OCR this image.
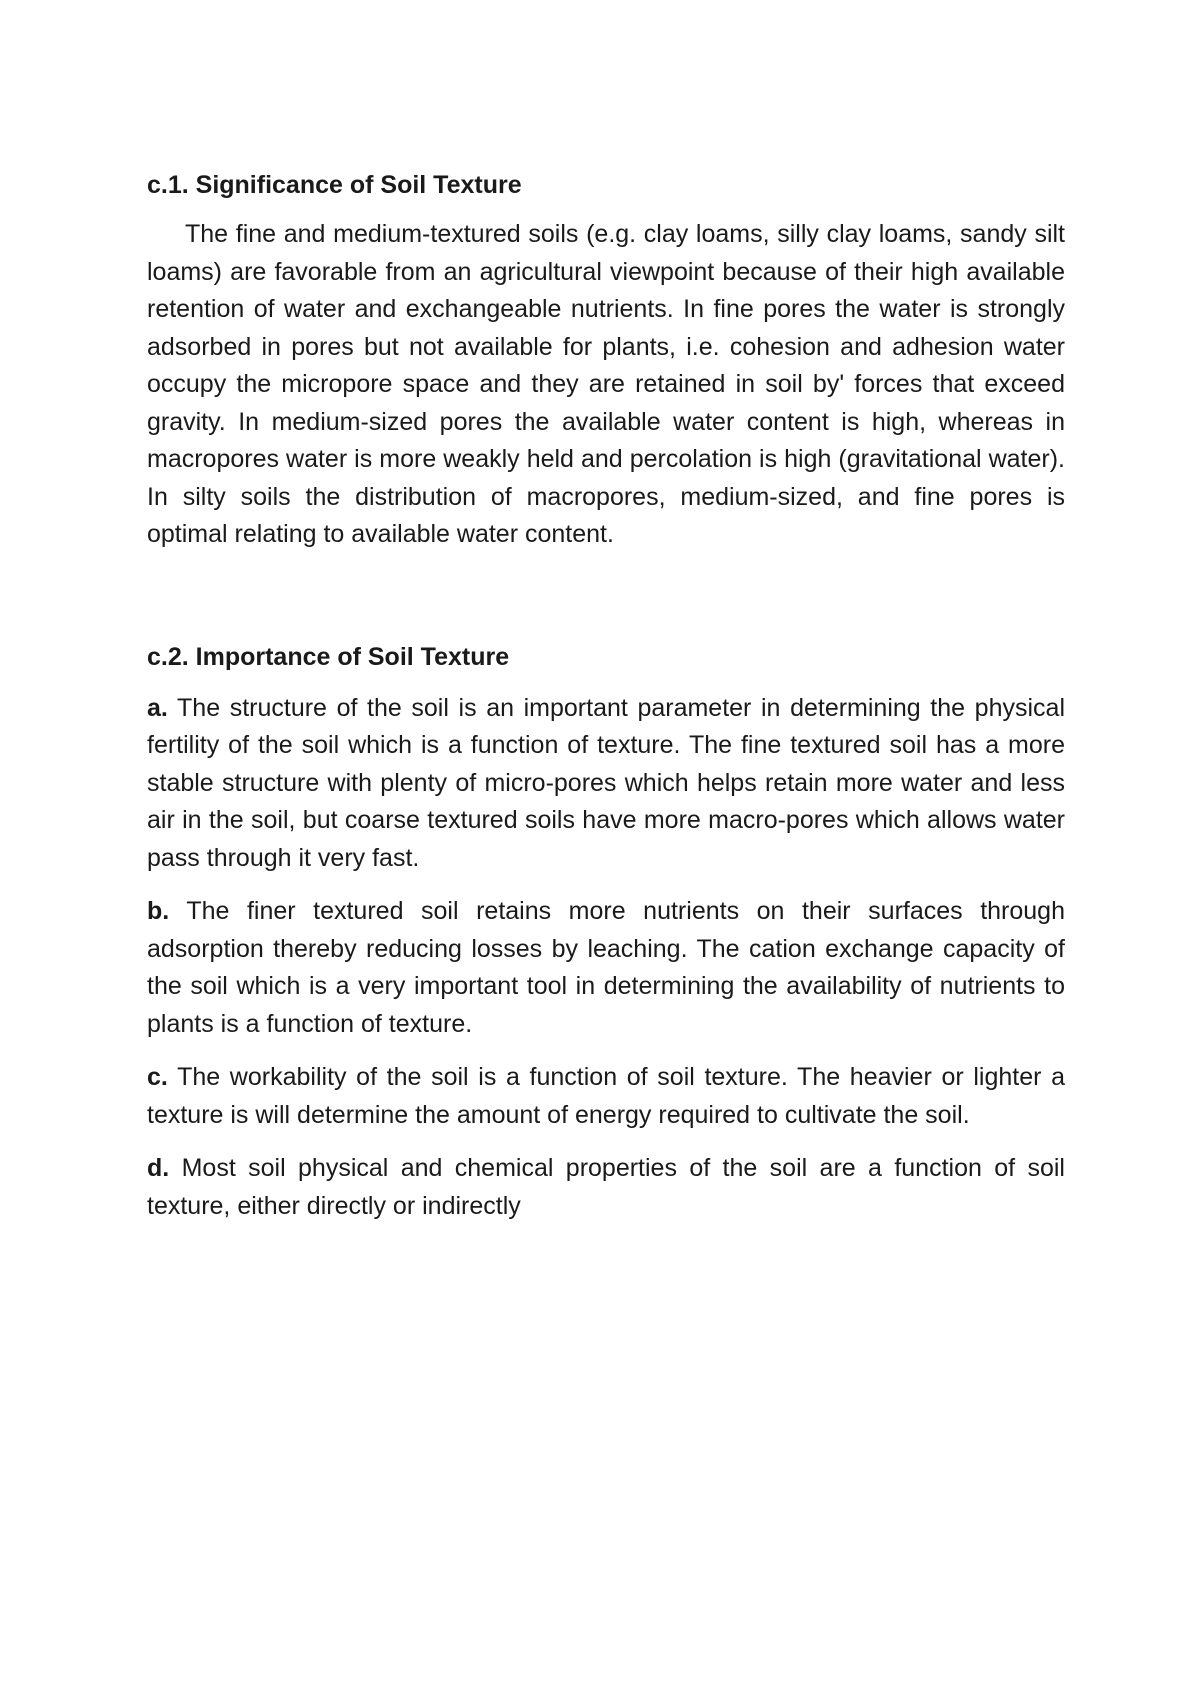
c.1. Significance of Soil Texture

The fine and medium-textured soils (e.g. clay loams, silly clay loams, sandy silt loams) are favorable from an agricultural viewpoint because of their high available retention of water and exchangeable nutrients. In fine pores the water is strongly adsorbed in pores but not available for plants, i.e. cohesion and adhesion water occupy the micropore space and they are retained in soil by' forces that exceed gravity. In medium-sized pores the available water content is high, whereas in macropores water is more weakly held and percolation is high (gravitational water). In silty soils the distribution of macropores, medium-sized, and fine pores is optimal relating to available water content.

c.2. Importance of Soil Texture

a. The structure of the soil is an important parameter in determining the physical fertility of the soil which is a function of texture. The fine textured soil has a more stable structure with plenty of micro-pores which helps retain more water and less air in the soil, but coarse textured soils have more macro-pores which allows water pass through it very fast.

b. The finer textured soil retains more nutrients on their surfaces through adsorption thereby reducing losses by leaching. The cation exchange capacity of the soil which is a very important tool in determining the availability of nutrients to plants is a function of texture.

c. The workability of the soil is a function of soil texture. The heavier or lighter a texture is will determine the amount of energy required to cultivate the soil.

d. Most soil physical and chemical properties of the soil are a function of soil texture, either directly or indirectly
